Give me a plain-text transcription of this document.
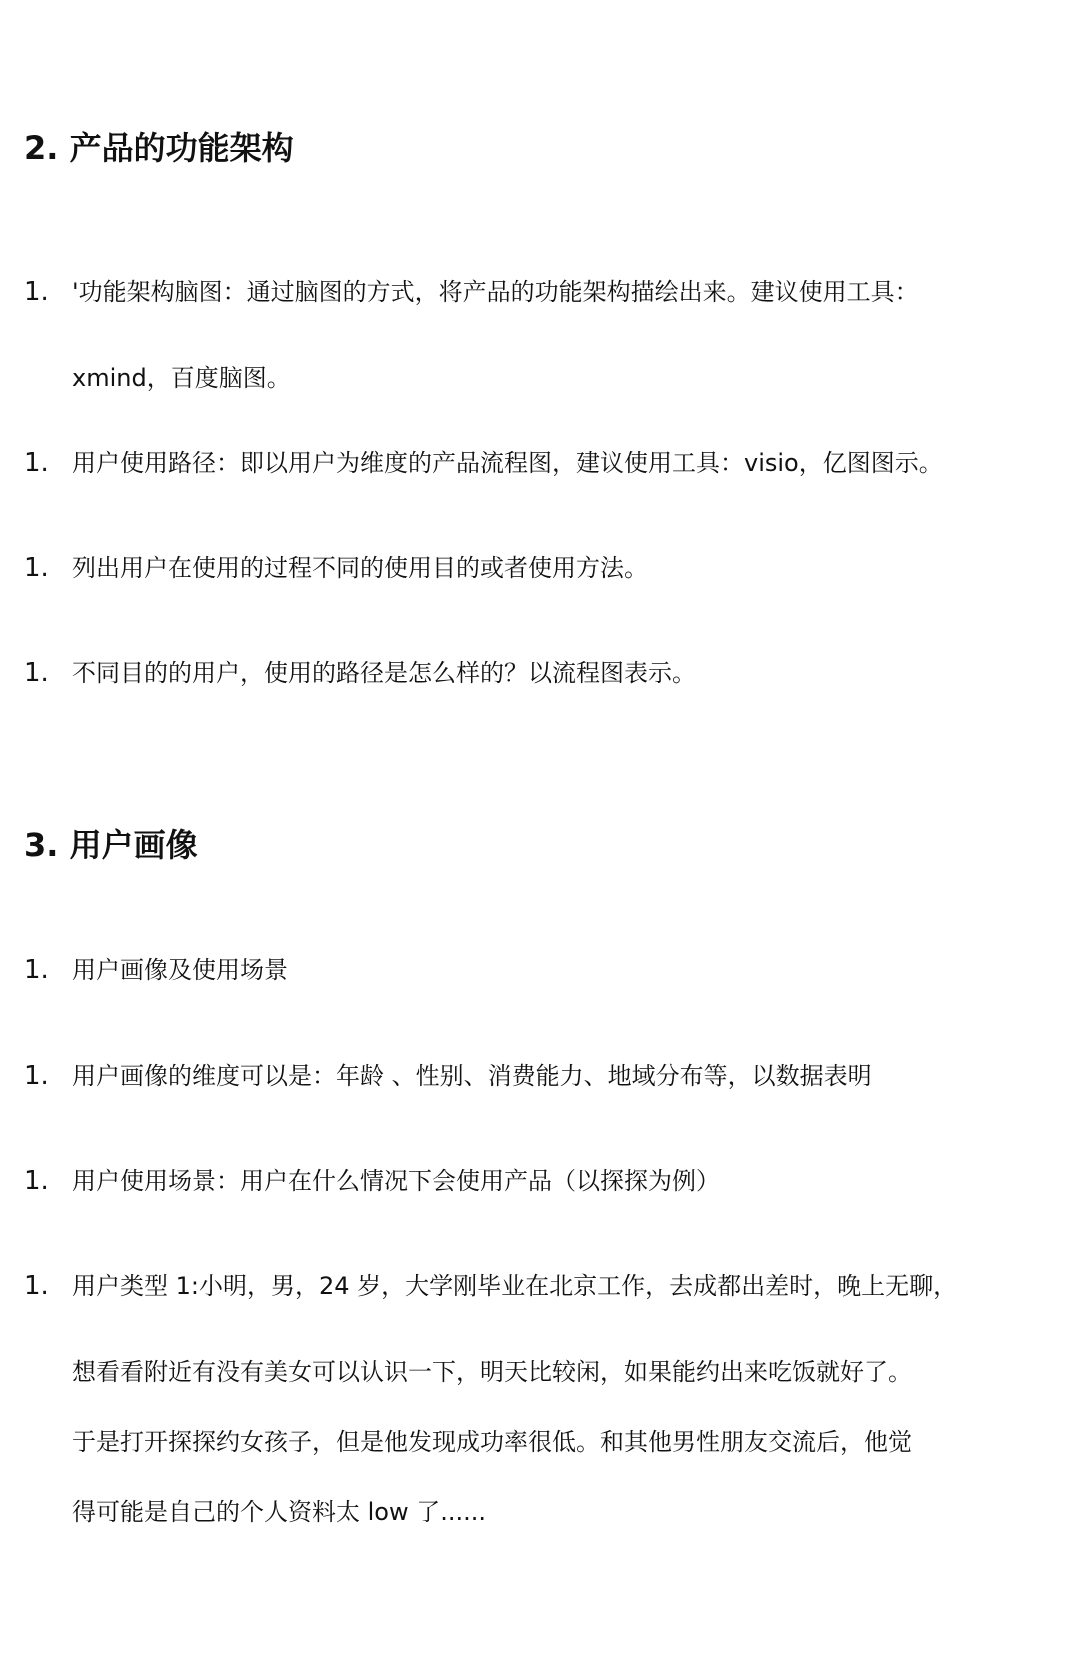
2. 产品的功能架构
1. '功能架构脑图：通过脑图的方式，将产品的功能架构描绘出来。建议使用工具：
xmind，百度脑图。
1. 用户使用路径：即以用户为维度的产品流程图，建议使用工具：visio，亿图图示。
1. 列出用户在使用的过程不同的使用目的或者使用方法。
1. 不同目的的用户，使用的路径是怎么样的？以流程图表示。
3. 用户画像
1. 用户画像及使用场景
1. 用户画像的维度可以是：年龄 、性别、消费能力、地域分布等，以数据表明
1. 用户使用场景：用户在什么情况下会使用产品（以探探为例）
1. 用户类型 1:小明，男，24 岁，大学刚毕业在北京工作，去成都出差时，晚上无聊，
想看看附近有没有美女可以认识一下，明天比较闲，如果能约出来吃饭就好了。
于是打开探探约女孩子，但是他发现成功率很低。和其他男性朋友交流后，他觉
得可能是自己的个人资料太 low 了......
